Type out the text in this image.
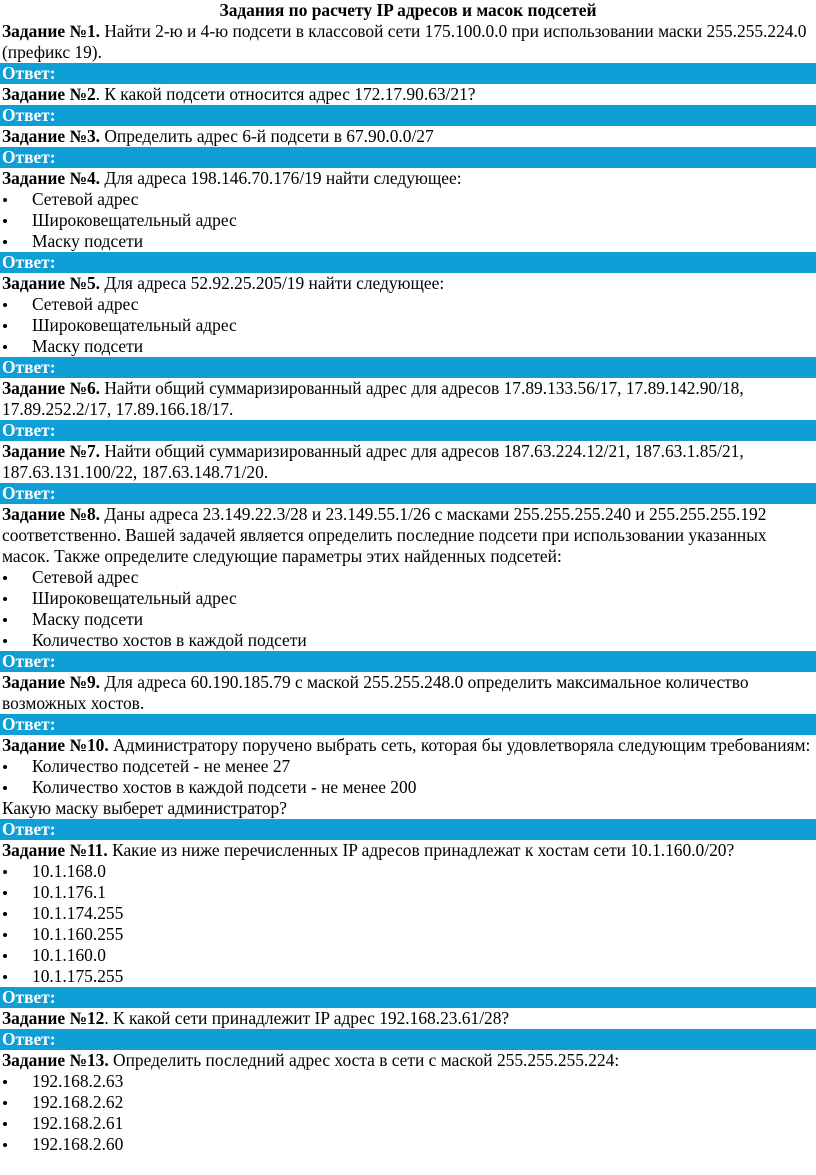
Задания по расчету IP адресов и масок подсетей

Задание №1. Найти 2-ю и 4-ю подсети в классовой сети 175.100.0.0 при использовании маски 255.255.224.0 (префикс 19).

Ответ:

Задание №2. К какой подсети относится адрес 172.17.90.63/21?

Ответ:

Задание №3. Определить адрес 6-й подсети в 67.90.0.0/27

Ответ:

Задание №4. Для адреса 198.146.70.176/19 найти следующее:

Сетевой адрес
Широковещательный адрес
Маску подсети
Ответ:

Задание №5. Для адреса 52.92.25.205/19 найти следующее:

Сетевой адрес
Широковещательный адрес
Маску подсети
Ответ:

Задание №6. Найти общий суммаризированный адрес для адресов 17.89.133.56/17, 17.89.142.90/18, 17.89.252.2/17, 17.89.166.18/17.

Ответ:

Задание №7. Найти общий суммаризированный адрес для адресов 187.63.224.12/21, 187.63.1.85/21, 187.63.131.100/22, 187.63.148.71/20.

Ответ:

Задание №8. Даны адреса 23.149.22.3/28 и 23.149.55.1/26 с масками 255.255.255.240 и 255.255.255.192 соответственно. Вашей задачей является определить последние подсети при использовании указанных масок. Также определите следующие параметры этих найденных подсетей:

Сетевой адрес
Широковещательный адрес
Маску подсети
Количество хостов в каждой подсети
Ответ:

Задание №9. Для адреса 60.190.185.79 с маской 255.255.248.0 определить максимальное количество возможных хостов.

Ответ:

Задание №10. Администратору поручено выбрать сеть, которая бы удовлетворяла следующим требованиям:

Количество подсетей - не менее 27
Количество хостов в каждой подсети - не менее 200

Какую маску выберет администратор?

Ответ:

Задание №11. Какие из ниже перечисленных IP адресов принадлежат к хостам сети 10.1.160.0/20?

10.1.168.0
10.1.176.1
10.1.174.255
10.1.160.255
10.1.160.0
10.1.175.255
Ответ:

Задание №12. К какой сети принадлежит IP адрес 192.168.23.61/28?

Ответ:

Задание №13. Определить последний адрес хоста в сети с маской 255.255.255.224:

192.168.2.63
192.168.2.62
192.168.2.61
192.168.2.60
